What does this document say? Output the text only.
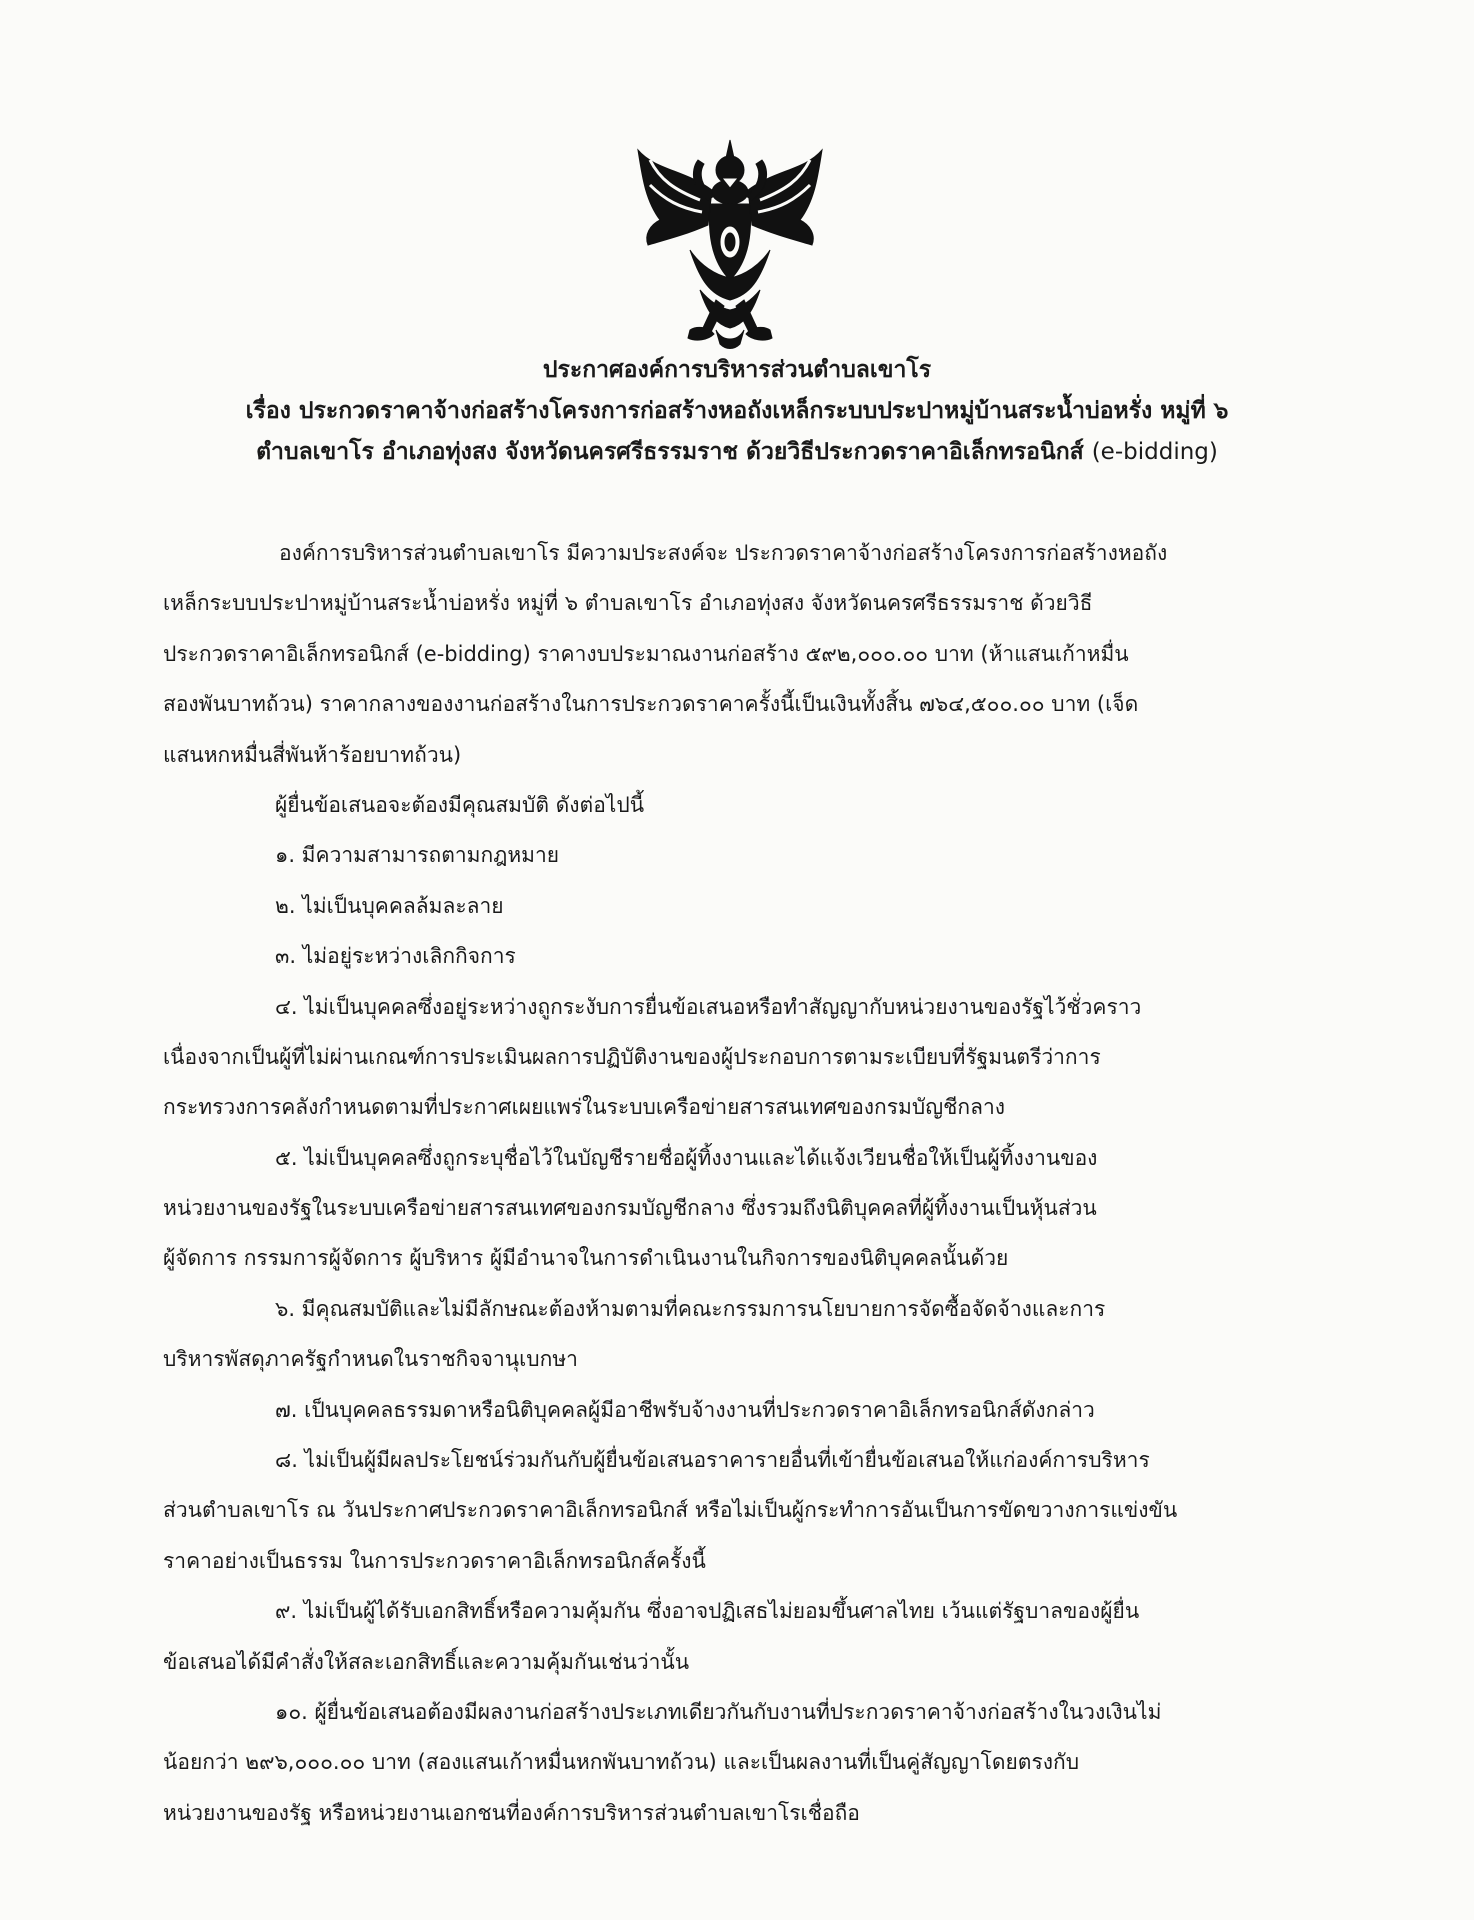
ประกาศองค์การบริหารส่วนตำบลเขาโร

เรื่อง ประกวดราคาจ้างก่อสร้างโครงการก่อสร้างหอถังเหล็กระบบประปาหมู่บ้านสระน้ำบ่อหรั่ง หมู่ที่ ๖

ตำบลเขาโร อำเภอทุ่งสง จังหวัดนครศรีธรรมราช ด้วยวิธีประกวดราคาอิเล็กทรอนิกส์ (e-bidding)

องค์การบริหารส่วนตำบลเขาโร มีความประสงค์จะ ประกวดราคาจ้างก่อสร้างโครงการก่อสร้างหอถัง

เหล็กระบบประปาหมู่บ้านสระน้ำบ่อหรั่ง หมู่ที่ ๖ ตำบลเขาโร อำเภอทุ่งสง จังหวัดนครศรีธรรมราช ด้วยวิธี

ประกวดราคาอิเล็กทรอนิกส์ (e-bidding) ราคางบประมาณงานก่อสร้าง ๕๙๒,๐๐๐.๐๐ บาท (ห้าแสนเก้าหมื่น

สองพันบาทถ้วน) ราคากลางของงานก่อสร้างในการประกวดราคาครั้งนี้เป็นเงินทั้งสิ้น ๗๖๔,๕๐๐.๐๐ บาท (เจ็ด

แสนหกหมื่นสี่พันห้าร้อยบาทถ้วน)

ผู้ยื่นข้อเสนอจะต้องมีคุณสมบัติ ดังต่อไปนี้

๑. มีความสามารถตามกฎหมาย

๒. ไม่เป็นบุคคลล้มละลาย

๓. ไม่อยู่ระหว่างเลิกกิจการ

๔. ไม่เป็นบุคคลซึ่งอยู่ระหว่างถูกระงับการยื่นข้อเสนอหรือทำสัญญากับหน่วยงานของรัฐไว้ชั่วคราว

เนื่องจากเป็นผู้ที่ไม่ผ่านเกณฑ์การประเมินผลการปฏิบัติงานของผู้ประกอบการตามระเบียบที่รัฐมนตรีว่าการ

กระทรวงการคลังกำหนดตามที่ประกาศเผยแพร่ในระบบเครือข่ายสารสนเทศของกรมบัญชีกลาง

๕. ไม่เป็นบุคคลซึ่งถูกระบุชื่อไว้ในบัญชีรายชื่อผู้ทิ้งงานและได้แจ้งเวียนชื่อให้เป็นผู้ทิ้งงานของ

หน่วยงานของรัฐในระบบเครือข่ายสารสนเทศของกรมบัญชีกลาง ซึ่งรวมถึงนิติบุคคลที่ผู้ทิ้งงานเป็นหุ้นส่วน

ผู้จัดการ กรรมการผู้จัดการ ผู้บริหาร ผู้มีอำนาจในการดำเนินงานในกิจการของนิติบุคคลนั้นด้วย

๖. มีคุณสมบัติและไม่มีลักษณะต้องห้ามตามที่คณะกรรมการนโยบายการจัดซื้อจัดจ้างและการ

บริหารพัสดุภาครัฐกำหนดในราชกิจจานุเบกษา

๗. เป็นบุคคลธรรมดาหรือนิติบุคคลผู้มีอาชีพรับจ้างงานที่ประกวดราคาอิเล็กทรอนิกส์ดังกล่าว

๘. ไม่เป็นผู้มีผลประโยชน์ร่วมกันกับผู้ยื่นข้อเสนอราคารายอื่นที่เข้ายื่นข้อเสนอให้แก่องค์การบริหาร

ส่วนตำบลเขาโร ณ วันประกาศประกวดราคาอิเล็กทรอนิกส์ หรือไม่เป็นผู้กระทำการอันเป็นการขัดขวางการแข่งขัน

ราคาอย่างเป็นธรรม ในการประกวดราคาอิเล็กทรอนิกส์ครั้งนี้

๙. ไม่เป็นผู้ได้รับเอกสิทธิ์หรือความคุ้มกัน ซึ่งอาจปฏิเสธไม่ยอมขึ้นศาลไทย เว้นแต่รัฐบาลของผู้ยื่น

ข้อเสนอได้มีคำสั่งให้สละเอกสิทธิ์และความคุ้มกันเช่นว่านั้น

๑๐. ผู้ยื่นข้อเสนอต้องมีผลงานก่อสร้างประเภทเดียวกันกับงานที่ประกวดราคาจ้างก่อสร้างในวงเงินไม่

น้อยกว่า ๒๙๖,๐๐๐.๐๐ บาท (สองแสนเก้าหมื่นหกพันบาทถ้วน) และเป็นผลงานที่เป็นคู่สัญญาโดยตรงกับ

หน่วยงานของรัฐ หรือหน่วยงานเอกชนที่องค์การบริหารส่วนตำบลเขาโรเชื่อถือ
